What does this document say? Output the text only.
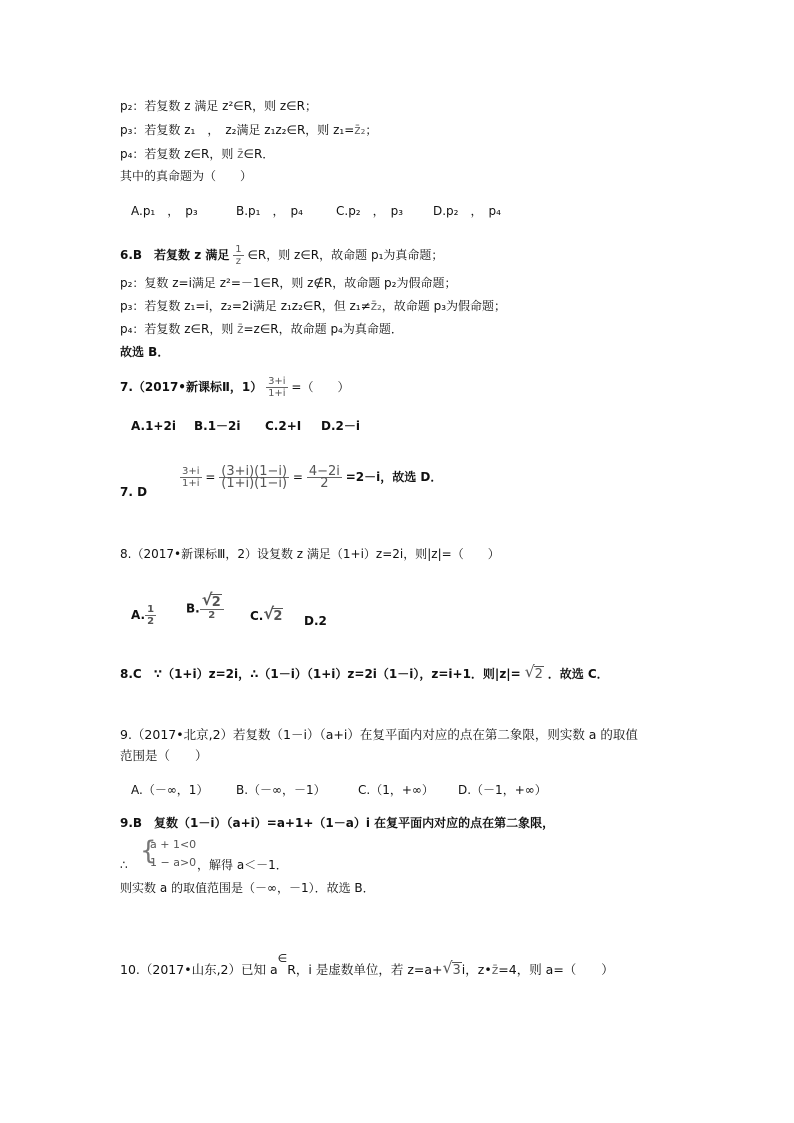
p₂：若复数 z 满足 z²∈R，则 z∈R；
p₃：若复数 z₁　，　z₂满足 z₁z₂∈R，则 z₁=z̄₂；
p₄：若复数 z∈R，则 z̄∈R．
其中的真命题为（　　）
A.p₁　，　p₃	B.p₁　，　p₄	C.p₂　，　p₃ D.p₂　，　p₄
6.B　若复数 z 满足 $\frac{1}{z}$ ∈R，则 z∈R，故命题 p₁为真命题；
p₂：复数 z=i满足 z²=－1∈R，则 z∉R，故命题 p₂为假命题；
p₃：若复数 z₁=i，z₂=2i满足 z₁z₂∈R，但 z₁≠z̄₂，故命题 p₃为假命题；
p₄：若复数 z∈R，则 z̄=z∈R，故命题 p₄为真命题．
故选 B．
7.（2017•新课标Ⅱ，$1) \frac{3+i}{1+i}$ =（　　）
A.1+2i B.1－2i C.2+I D.2－i
7. D
$\frac{3+i}{1+i} = \frac{(3+i)(1-i)}{(1+i)(1-i)} = \frac{4-2i}{2} =2-i$，故选 D．
8.（2017•新课标Ⅲ，2）设复数 z 满足（1+i）z=2i，则|z|=（　　）
A. $\frac{1}{2} B$.
√ $\frac{2}{2} C.√$ 2 D.2
8.C　∵（1+i）z=2i，∴（1－i）（1+i）z=2i（1－i），z=i+1．则|z|= √ 2 ．故选 C．
9.（2017•北京,2）若复数（1－i）（a+i）在复平面内对应的点在第二象限，则实数 a 的取值
范围是（　　）
A.（－∞，1） B.（－∞，－1）	C.（1，+∞） D.（－1，+∞）
9.B　复数（1－i）（a+i）=a+1+（1－a）i 在复平面内对应的点在第二象限，
{
a + 1<0
1 − a>0
∴	，解得 a＜－1．
则实数 a 的取值范围是（－∞，－1）．故选 B．
10.（2017•山东,2）已知 a∈R，i 是虚数单位，若 z=a+√ 3i，z•z̄=4，则 a=（　　）
